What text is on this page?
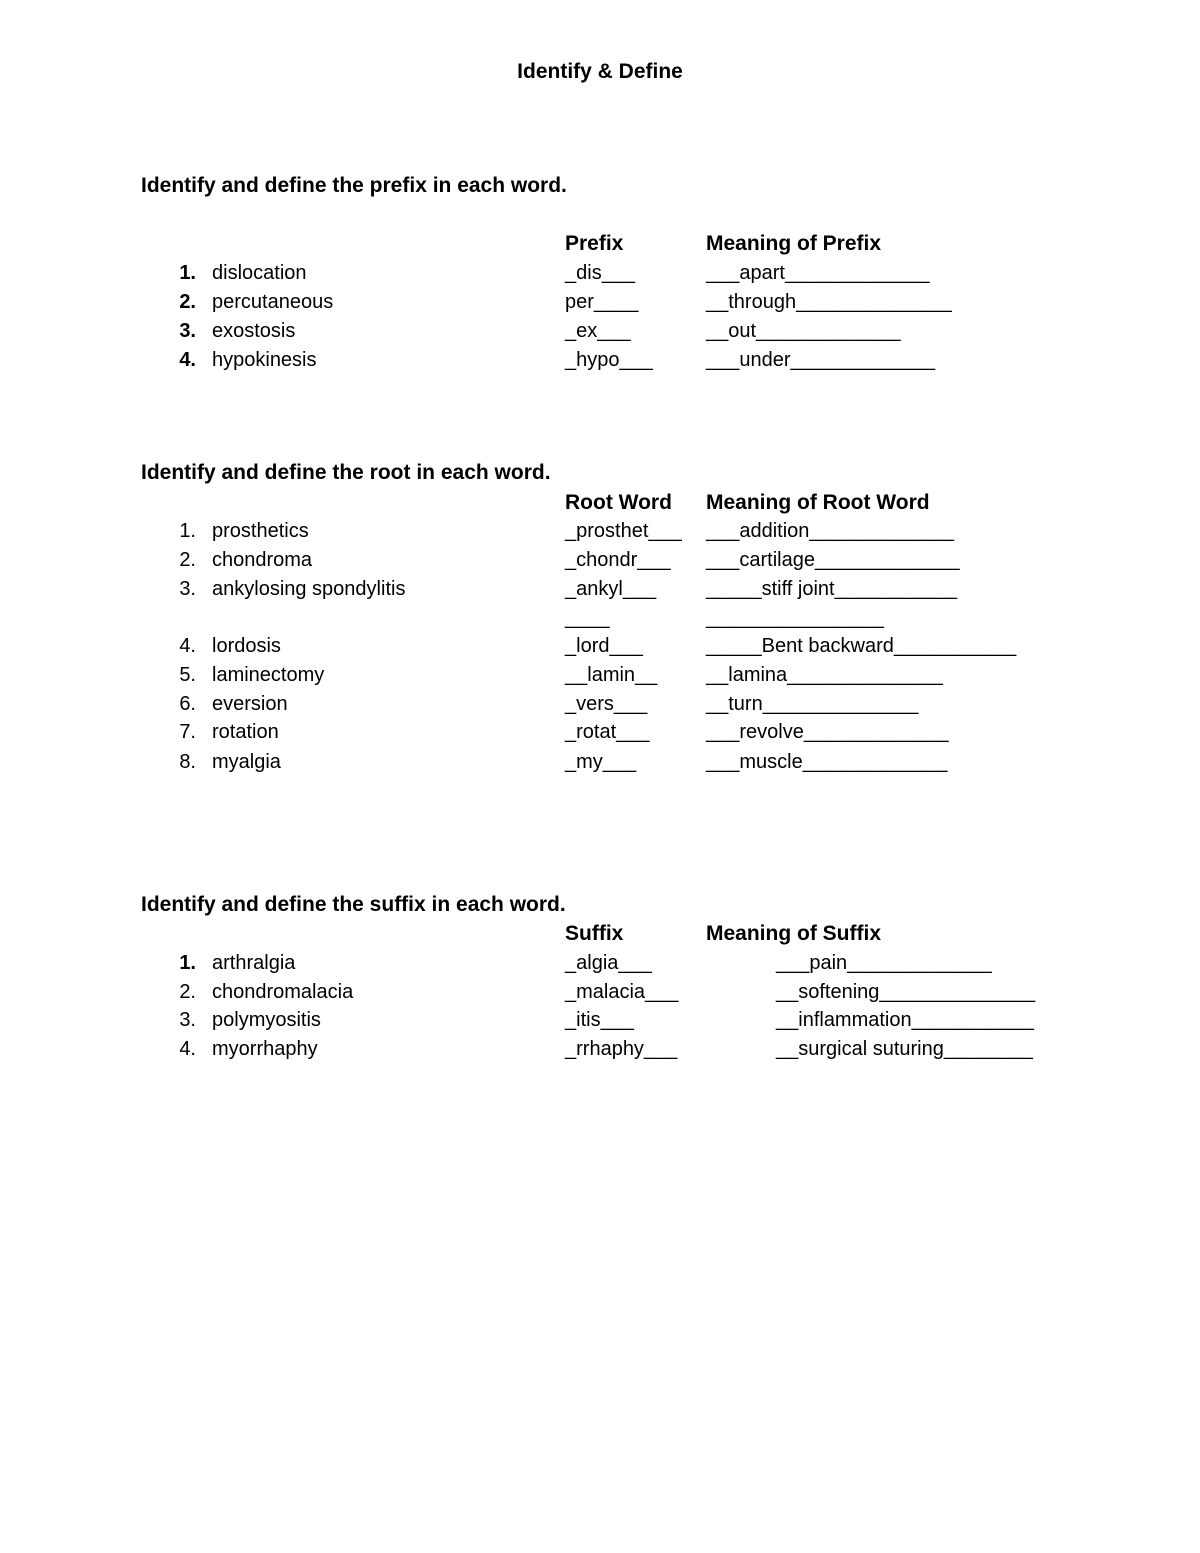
Identify & Define
Identify and define the prefix in each word.
Prefix	Meaning of Prefix
1. dislocation	_dis___	___apart_____________
2. percutaneous	per____	__through______________
3. exostosis	_ex___	__out_____________
4. hypokinesis	_hypo___	___under_____________
Identify and define the root in each word.
Root Word Meaning of Root Word
1. prosthetics	_prosthet___ ___addition_____________
2. chondroma	_chondr___ ___cartilage_____________
3. ankylosing spondylitis	_ankyl___ _____stiff joint___________
____	________________
4. lordosis	_lord___	_____Bent backward___________
5. laminectomy	__lamin__ __lamina______________
6. eversion	_vers___	__turn______________
7. rotation	_rotat___	___revolve_____________
8. myalgia	_my___	___muscle_____________
Identify and define the suffix in each word.
Suffix	Meaning of Suffix
1. arthralgia	_algia___	___pain_____________
2. chondromalacia	_malacia___	__softening______________
3. polymyositis	_itis___	__inflammation___________
4. myorrhaphy	_rrhaphy___	__surgical suturing________
